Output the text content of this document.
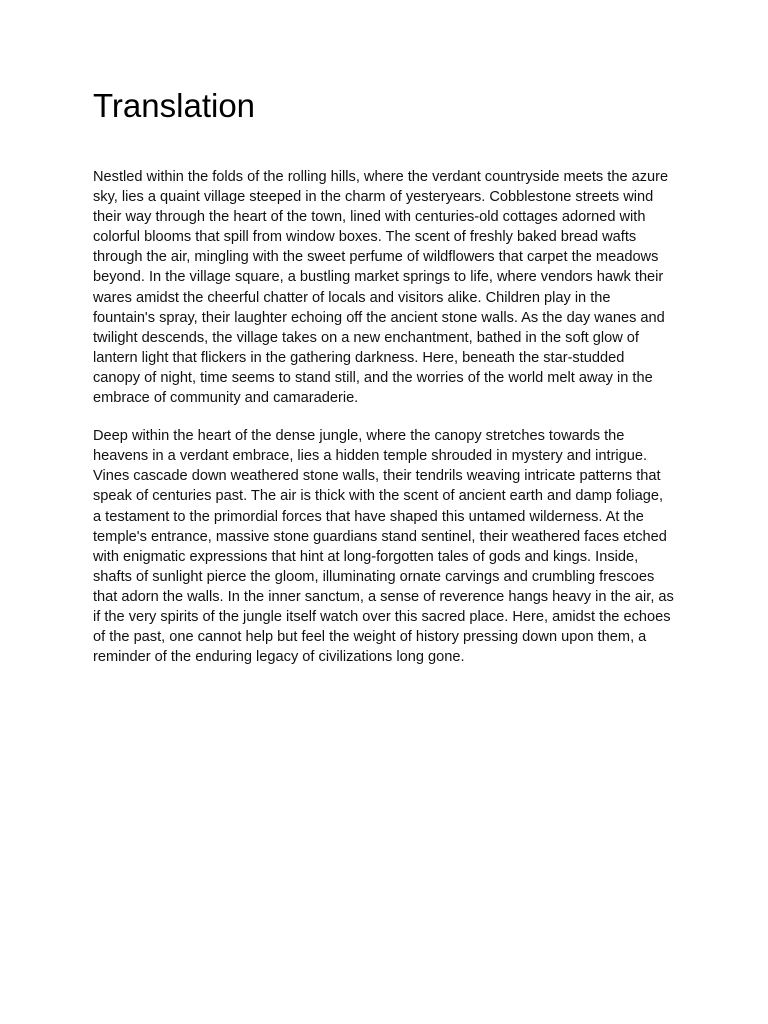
Translation

Nestled within the folds of the rolling hills, where the verdant countryside meets the azure sky, lies a quaint village steeped in the charm of yesteryears. Cobblestone streets wind their way through the heart of the town, lined with centuries-old cottages adorned with colorful blooms that spill from window boxes. The scent of freshly baked bread wafts through the air, mingling with the sweet perfume of wildflowers that carpet the meadows beyond. In the village square, a bustling market springs to life, where vendors hawk their wares amidst the cheerful chatter of locals and visitors alike. Children play in the fountain's spray, their laughter echoing off the ancient stone walls. As the day wanes and twilight descends, the village takes on a new enchantment, bathed in the soft glow of lantern light that flickers in the gathering darkness. Here, beneath the star-studded canopy of night, time seems to stand still, and the worries of the world melt away in the embrace of community and camaraderie.

Deep within the heart of the dense jungle, where the canopy stretches towards the heavens in a verdant embrace, lies a hidden temple shrouded in mystery and intrigue. Vines cascade down weathered stone walls, their tendrils weaving intricate patterns that speak of centuries past. The air is thick with the scent of ancient earth and damp foliage, a testament to the primordial forces that have shaped this untamed wilderness. At the temple's entrance, massive stone guardians stand sentinel, their weathered faces etched with enigmatic expressions that hint at long-forgotten tales of gods and kings. Inside, shafts of sunlight pierce the gloom, illuminating ornate carvings and crumbling frescoes that adorn the walls. In the inner sanctum, a sense of reverence hangs heavy in the air, as if the very spirits of the jungle itself watch over this sacred place. Here, amidst the echoes of the past, one cannot help but feel the weight of history pressing down upon them, a reminder of the enduring legacy of civilizations long gone.
